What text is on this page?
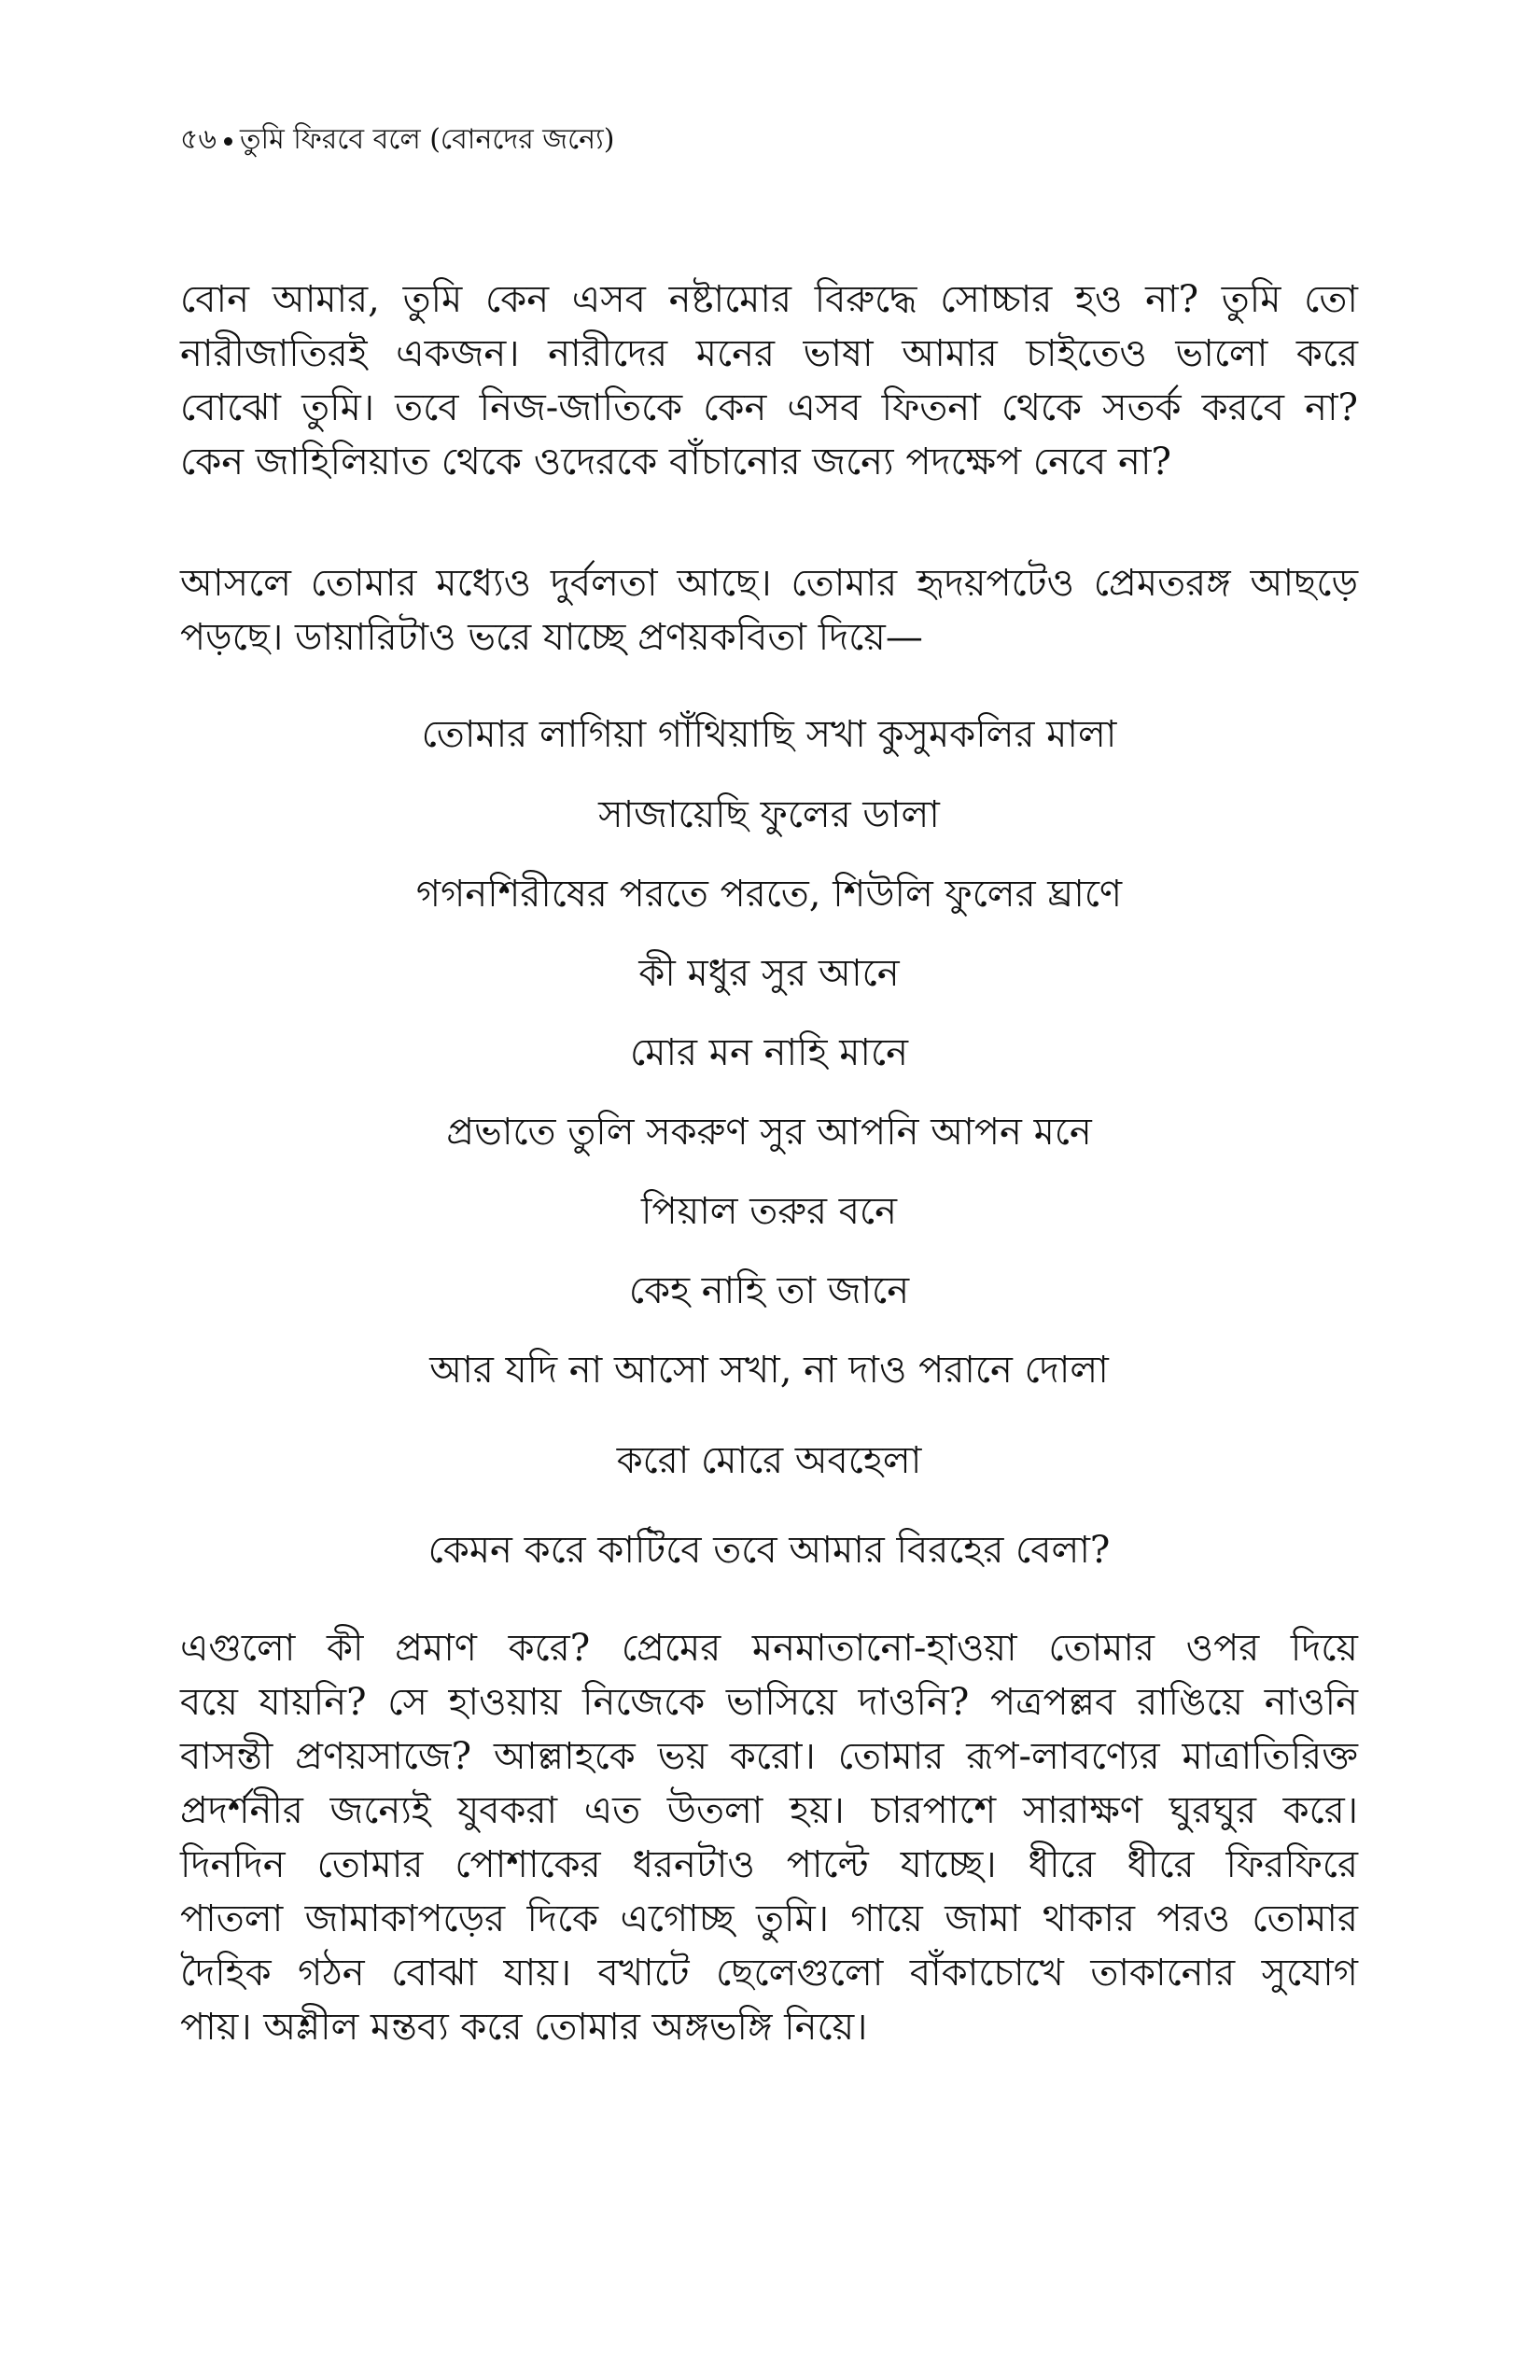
৫৬ তুমি ফিরবে বলে (বোনদের জন্যে)
বোন আমার, তুমি কেন এসব নষ্টামোর বিরুদ্ধে সোচ্চার হও না? তুমি তো
নারীজাতিরই একজন। নারীদের মনের ভাষা আমার চাইতেও ভালো করে
বোঝো তুমি। তবে নিজ-জাতিকে কেন এসব ফিতনা থেকে সতর্ক করবে না?
কেন জাহিলিয়াত থেকে ওদেরকে বাঁচানোর জন্যে পদক্ষেপ নেবে না?
আসলে তোমার মধ্যেও দুর্বলতা আছে। তোমার হৃদয়পটেও প্রেমতরঙ্গ আছড়ে
পড়ছে। ডায়ারিটাও ভরে যাচ্ছে প্রণয়কবিতা দিয়ে—
তোমার লাগিয়া গাঁথিয়াছি সখা কুসুমকলির মালা
সাজায়েছি ফুলের ডালা
গগনশিরীষের পরতে পরতে, শিউলি ফুলের ঘ্রাণে
কী মধুর সুর আনে
মোর মন নাহি মানে
প্রভাতে তুলি সকরুণ সুর আপনি আপন মনে
পিয়াল তরুর বনে
কেহ নাহি তা জানে
আর যদি না আসো সখা, না দাও পরানে দোলা
করো মোরে অবহেলা
কেমন করে কাটিবে তবে আমার বিরহের বেলা?
এগুলো কী প্রমাণ করে? প্রেমের মনমাতানো-হাওয়া তোমার ওপর দিয়ে
বয়ে যায়নি? সে হাওয়ায় নিজেকে ভাসিয়ে দাওনি? পত্রপল্লব রাঙিয়ে নাওনি
বাসন্তী প্রণয়সাজে? আল্লাহকে ভয় করো। তোমার রূপ-লাবণ্যের মাত্রাতিরিক্ত
প্রদর্শনীর জন্যেই যুবকরা এত উতলা হয়। চারপাশে সারাক্ষণ ঘুরঘুর করে।
দিনদিন তোমার পোশাকের ধরনটাও পাল্টে যাচ্ছে। ধীরে ধীরে ফিরফিরে
পাতলা জামাকাপড়ের দিকে এগোচ্ছ তুমি। গায়ে জামা থাকার পরও তোমার
দৈহিক গঠন বোঝা যায়। বখাটে ছেলেগুলো বাঁকাচোখে তাকানোর সুযোগ
পায়। অশ্লীল মন্তব্য করে তোমার অঙ্গভঙ্গি নিয়ে।
